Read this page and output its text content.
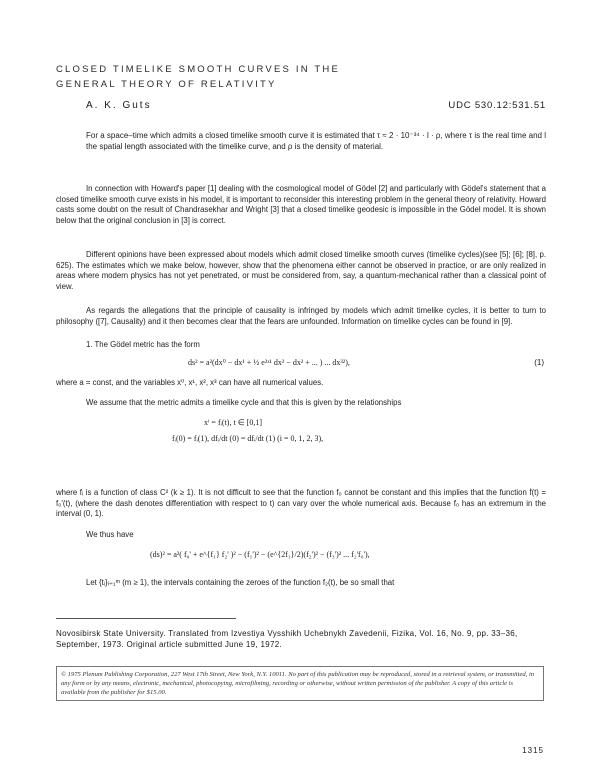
CLOSED TIMELIKE SMOOTH CURVES IN THE
GENERAL THEORY OF RELATIVITY
A. K. Guts	UDC 530.12:531.51
For a space–time which admits a closed timelike smooth curve it is estimated that τ ≈ 2 · 10⁻³⁴ · l · ρ, where τ is the real time and l the spatial length associated with the timelike curve, and ρ is the density of material.
In connection with Howard's paper [1] dealing with the cosmological model of Gödel [2] and particularly with Gödel's statement that a closed timelike smooth curve exists in his model, it is important to reconsider this interesting problem in the general theory of relativity. Howard casts some doubt on the result of Chandrasekhar and Wright [3] that a closed timelike geodesic is impossible in the Gödel model. It is shown below that the original conclusion in [3] is correct.
Different opinions have been expressed about models which admit closed timelike smooth curves (timelike cycles)(see [5]; [6]; [8], p. 625). The estimates which we make below, however, show that the phenomena either cannot be observed in practice, or are only realized in areas where modern physics has not yet penetrated, or must be considered from, say, a quantum-mechanical rather than a classical point of view.
As regards the allegations that the principle of causality is infringed by models which admit timelike cycles, it is better to turn to philosophy ([7], Causality) and it then becomes clear that the fears are unfounded. Information on timelike cycles can be found in [9].
1. The Gödel metric has the form
ds² = a²(dx⁰ − dx¹ + ½ e²ˣ¹ dx² − dx² + ... ) ... dx³²),	(1)
where a = const, and the variables x⁰, x¹, x², x³ can have all numerical values.
We assume that the metric admits a timelike cycle and that this is given by the relationships
xⁱ = fᵢ(t), t ∈ [0,1]
fᵢ(0) = fᵢ(1), dfᵢ/dt (0) = dfᵢ/dt (1) (i = 0, 1, 2, 3),
where fᵢ is a function of class C² (k ≥ 1). It is not difficult to see that the function f₀ cannot be constant and this implies that the function ḟ(t) = f₀'(t), (where the dash denotes differentiation with respect to t) can vary over the whole numerical axis. Because f₀ has an extremum in the interval (0, 1).
We thus have
(ds)² = a²( f₀' + e^{f₁} f₂' )² − (f₁')² − (e^{2f₁}/2)(f₂')² − (f₃')² ... f₂'f₀'),
Let {tᵢ}ᵢ₌₁ᵐ (m ≥ 1), the intervals containing the zeroes of the function f₂(t), be so small that
Novosibirsk State University. Translated from Izvestiya Vysshikh Uchebnykh Zavedenii, Fizika, Vol. 16, No. 9, pp. 33–36, September, 1973. Original article submitted June 19, 1972.
© 1975 Plenum Publishing Corporation, 227 West 17th Street, New York, N.Y. 10011. No part of this publication may be reproduced, stored in a retrieval system, or transmitted, in any form or by any means, electronic, mechanical, photocopying, microfilming, recording or otherwise, without written permission of the publisher. A copy of this article is available from the publisher for $15.00.
1315
